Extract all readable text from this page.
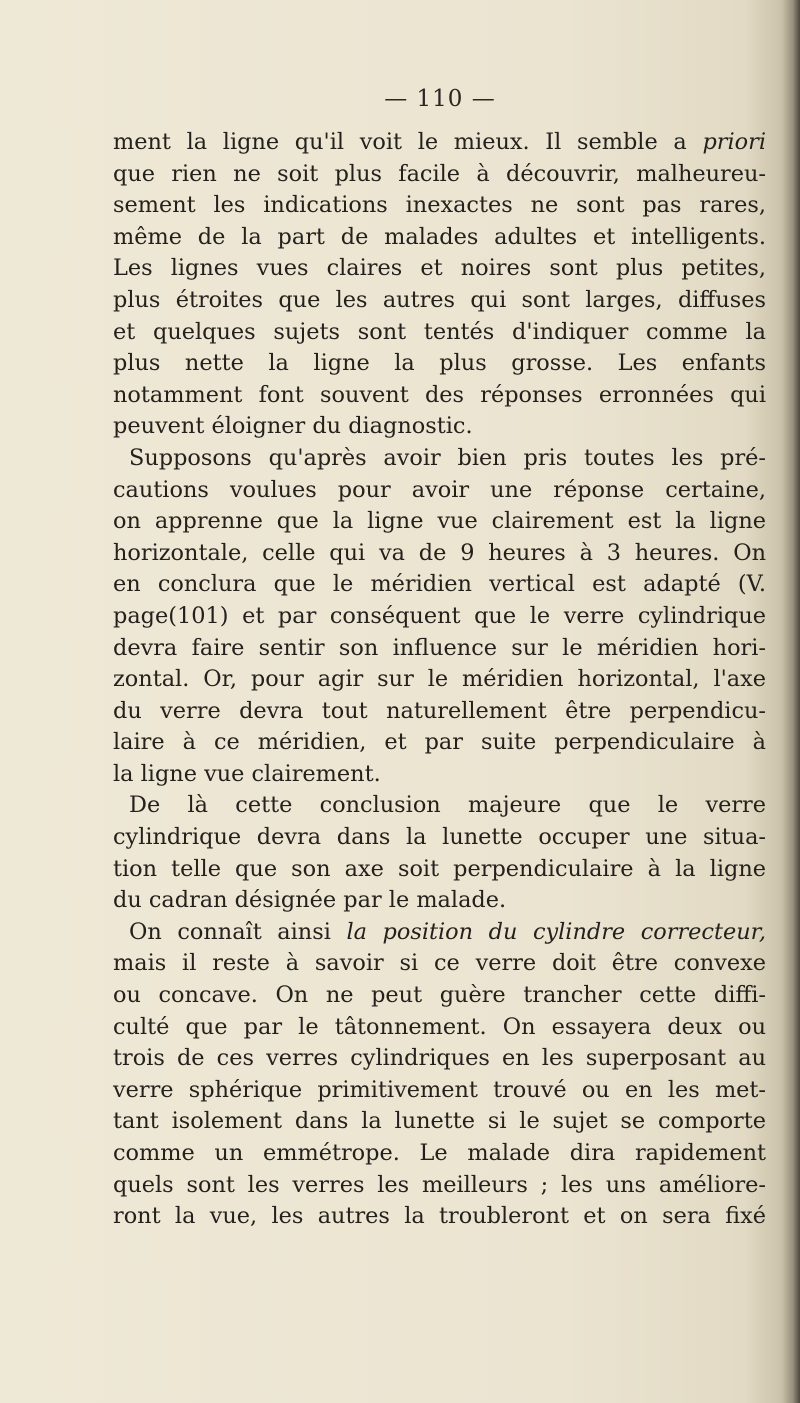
— 110 —
ment la ligne qu'il voit le mieux. Il semble a priori
que rien ne soit plus facile à découvrir, malheureu-
sement les indications inexactes ne sont pas rares,
même de la part de malades adultes et intelligents.
Les lignes vues claires et noires sont plus petites,
plus étroites que les autres qui sont larges, diffuses
et quelques sujets sont tentés d'indiquer comme la
plus nette la ligne la plus grosse. Les enfants
notamment font souvent des réponses erronnées qui
peuvent éloigner du diagnostic.
Supposons qu'après avoir bien pris toutes les pré-
cautions voulues pour avoir une réponse certaine,
on apprenne que la ligne vue clairement est la ligne
horizontale, celle qui va de 9 heures à 3 heures. On
en conclura que le méridien vertical est adapté (V.
page(101) et par conséquent que le verre cylindrique
devra faire sentir son influence sur le méridien hori-
zontal. Or, pour agir sur le méridien horizontal, l'axe
du verre devra tout naturellement être perpendicu-
laire à ce méridien, et par suite perpendiculaire à
la ligne vue clairement.
De là cette conclusion majeure que le verre
cylindrique devra dans la lunette occuper une situa-
tion telle que son axe soit perpendiculaire à la ligne
du cadran désignée par le malade.
On connaît ainsi la position du cylindre correcteur,
mais il reste à savoir si ce verre doit être convexe
ou concave. On ne peut guère trancher cette diffi-
culté que par le tâtonnement. On essayera deux ou
trois de ces verres cylindriques en les superposant au
verre sphérique primitivement trouvé ou en les met-
tant isolement dans la lunette si le sujet se comporte
comme un emmétrope. Le malade dira rapidement
quels sont les verres les meilleurs ; les uns améliore-
ront la vue, les autres la troubleront et on sera fixé
